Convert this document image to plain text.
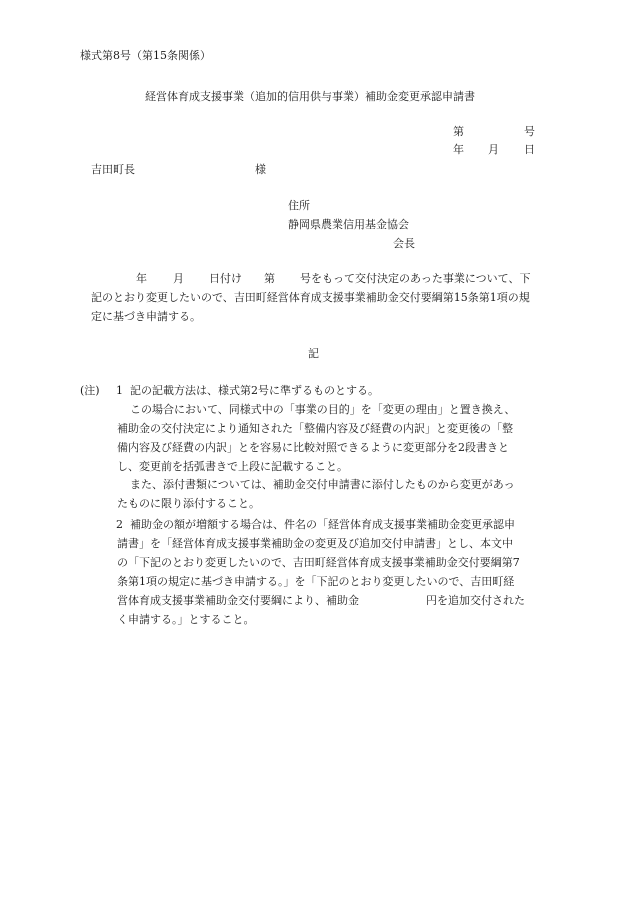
様式第8号（第15条関係）
経営体育成支援事業（追加的信用供与事業）補助金変更承認申請書
第	号
年 月 日
吉田町長	様
住所
静岡県農業信用基金協会
会長
年 月 日付け 第 号をもって交付決定のあった事業について、下
記のとおり変更したいので、吉田町経営体育成支援事業補助金交付要綱第15条第1項の規
定に基づき申請する。
記
(注) 1 記の記載方法は、様式第2号に準ずるものとする。
この場合において、同様式中の「事業の目的」を「変更の理由」と置き換え、
補助金の交付決定により通知された「整備内容及び経費の内訳」と変更後の「整
備内容及び経費の内訳」とを容易に比較対照できるように変更部分を2段書きと
し、変更前を括弧書きで上段に記載すること。
また、添付書類については、補助金交付申請書に添付したものから変更があっ
たものに限り添付すること。
2 補助金の額が増額する場合は、件名の「経営体育成支援事業補助金変更承認申
請書」を「経営体育成支援事業補助金の変更及び追加交付申請書」とし、本文中
の「下記のとおり変更したいので、吉田町経営体育成支援事業補助金交付要綱第7
条第1項の規定に基づき申請する。」を「下記のとおり変更したいので、吉田町経
営体育成支援事業補助金交付要綱により、補助金	円を追加交付された
く申請する。」とすること。
